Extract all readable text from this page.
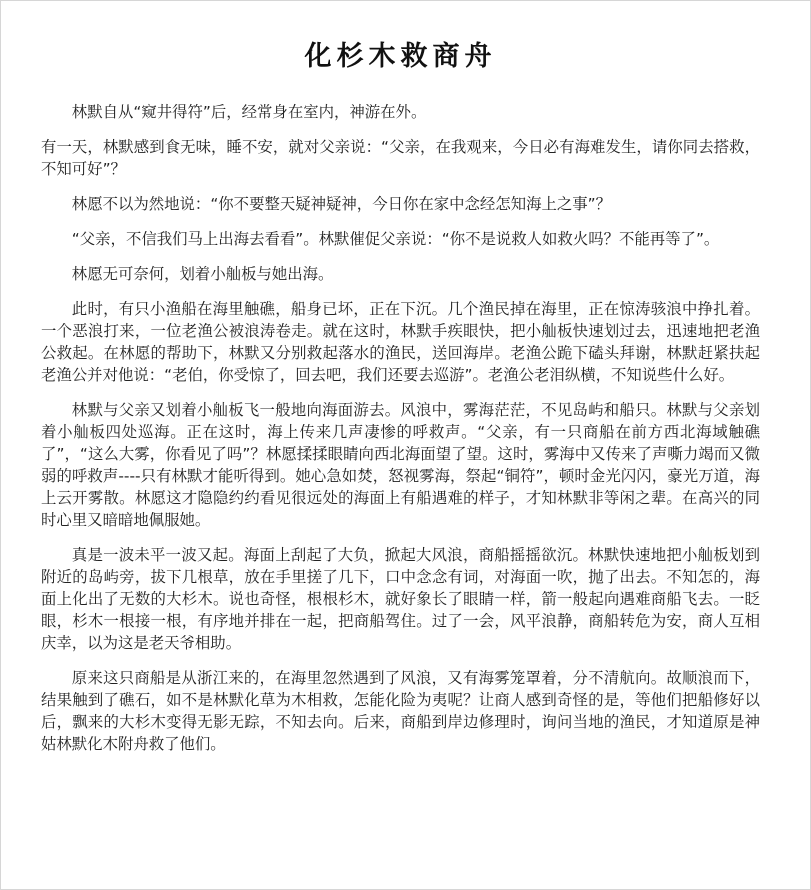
化杉木救商舟

林默自从“窥井得符”后，经常身在室内，神游在外。

有一天，林默感到食无味，睡不安，就对父亲说：“父亲，在我观来，今日必有海难发生，请你同去搭救，不知可好”？

林愿不以为然地说：“你不要整天疑神疑神，今日你在家中念经怎知海上之事”？

“父亲，不信我们马上出海去看看”。林默催促父亲说：“你不是说救人如救火吗？不能再等了”。

林愿无可奈何，划着小舢板与她出海。

此时，有只小渔船在海里触礁，船身已坏，正在下沉。几个渔民掉在海里，正在惊涛骇浪中挣扎着。一个恶浪打来，一位老渔公被浪涛卷走。就在这时，林默手疾眼快，把小舢板快速划过去，迅速地把老渔公救起。在林愿的帮助下，林默又分别救起落水的渔民，送回海岸。老渔公跪下磕头拜谢，林默赶紧扶起老渔公并对他说：“老伯，你受惊了，回去吧，我们还要去巡游”。老渔公老泪纵横，不知说些什么好。

林默与父亲又划着小舢板飞一般地向海面游去。风浪中，雾海茫茫，不见岛屿和船只。林默与父亲划着小舢板四处巡海。正在这时，海上传来几声凄惨的呼救声。“父亲，有一只商船在前方西北海域触礁了”，“这么大雾，你看见了吗”？林愿揉揉眼睛向西北海面望了望。这时，雾海中又传来了声嘶力竭而又微弱的呼救声----只有林默才能听得到。她心急如焚，怒视雾海，祭起“铜符”，顿时金光闪闪，豪光万道，海上云开雾散。林愿这才隐隐约约看见很远处的海面上有船遇难的样子，才知林默非等闲之辈。在高兴的同时心里又暗暗地佩服她。

真是一波未平一波又起。海面上刮起了大负，掀起大风浪，商船摇摇欲沉。林默快速地把小舢板划到附近的岛屿旁，拔下几根草，放在手里搓了几下，口中念念有词，对海面一吹，抛了出去。不知怎的，海面上化出了无数的大杉木。说也奇怪，根根杉木，就好象长了眼睛一样，箭一般起向遇难商船飞去。一眨眼，杉木一根接一根，有序地并排在一起，把商船驾住。过了一会，风平浪静，商船转危为安，商人互相庆幸，以为这是老天爷相助。

原来这只商船是从浙江来的，在海里忽然遇到了风浪，又有海雾笼罩着，分不清航向。故顺浪而下，结果触到了礁石，如不是林默化草为木相救，怎能化险为夷呢？让商人感到奇怪的是，等他们把船修好以后，飘来的大杉木变得无影无踪，不知去向。后来，商船到岸边修理时，询问当地的渔民，才知道原是神姑林默化木附舟救了他们。
